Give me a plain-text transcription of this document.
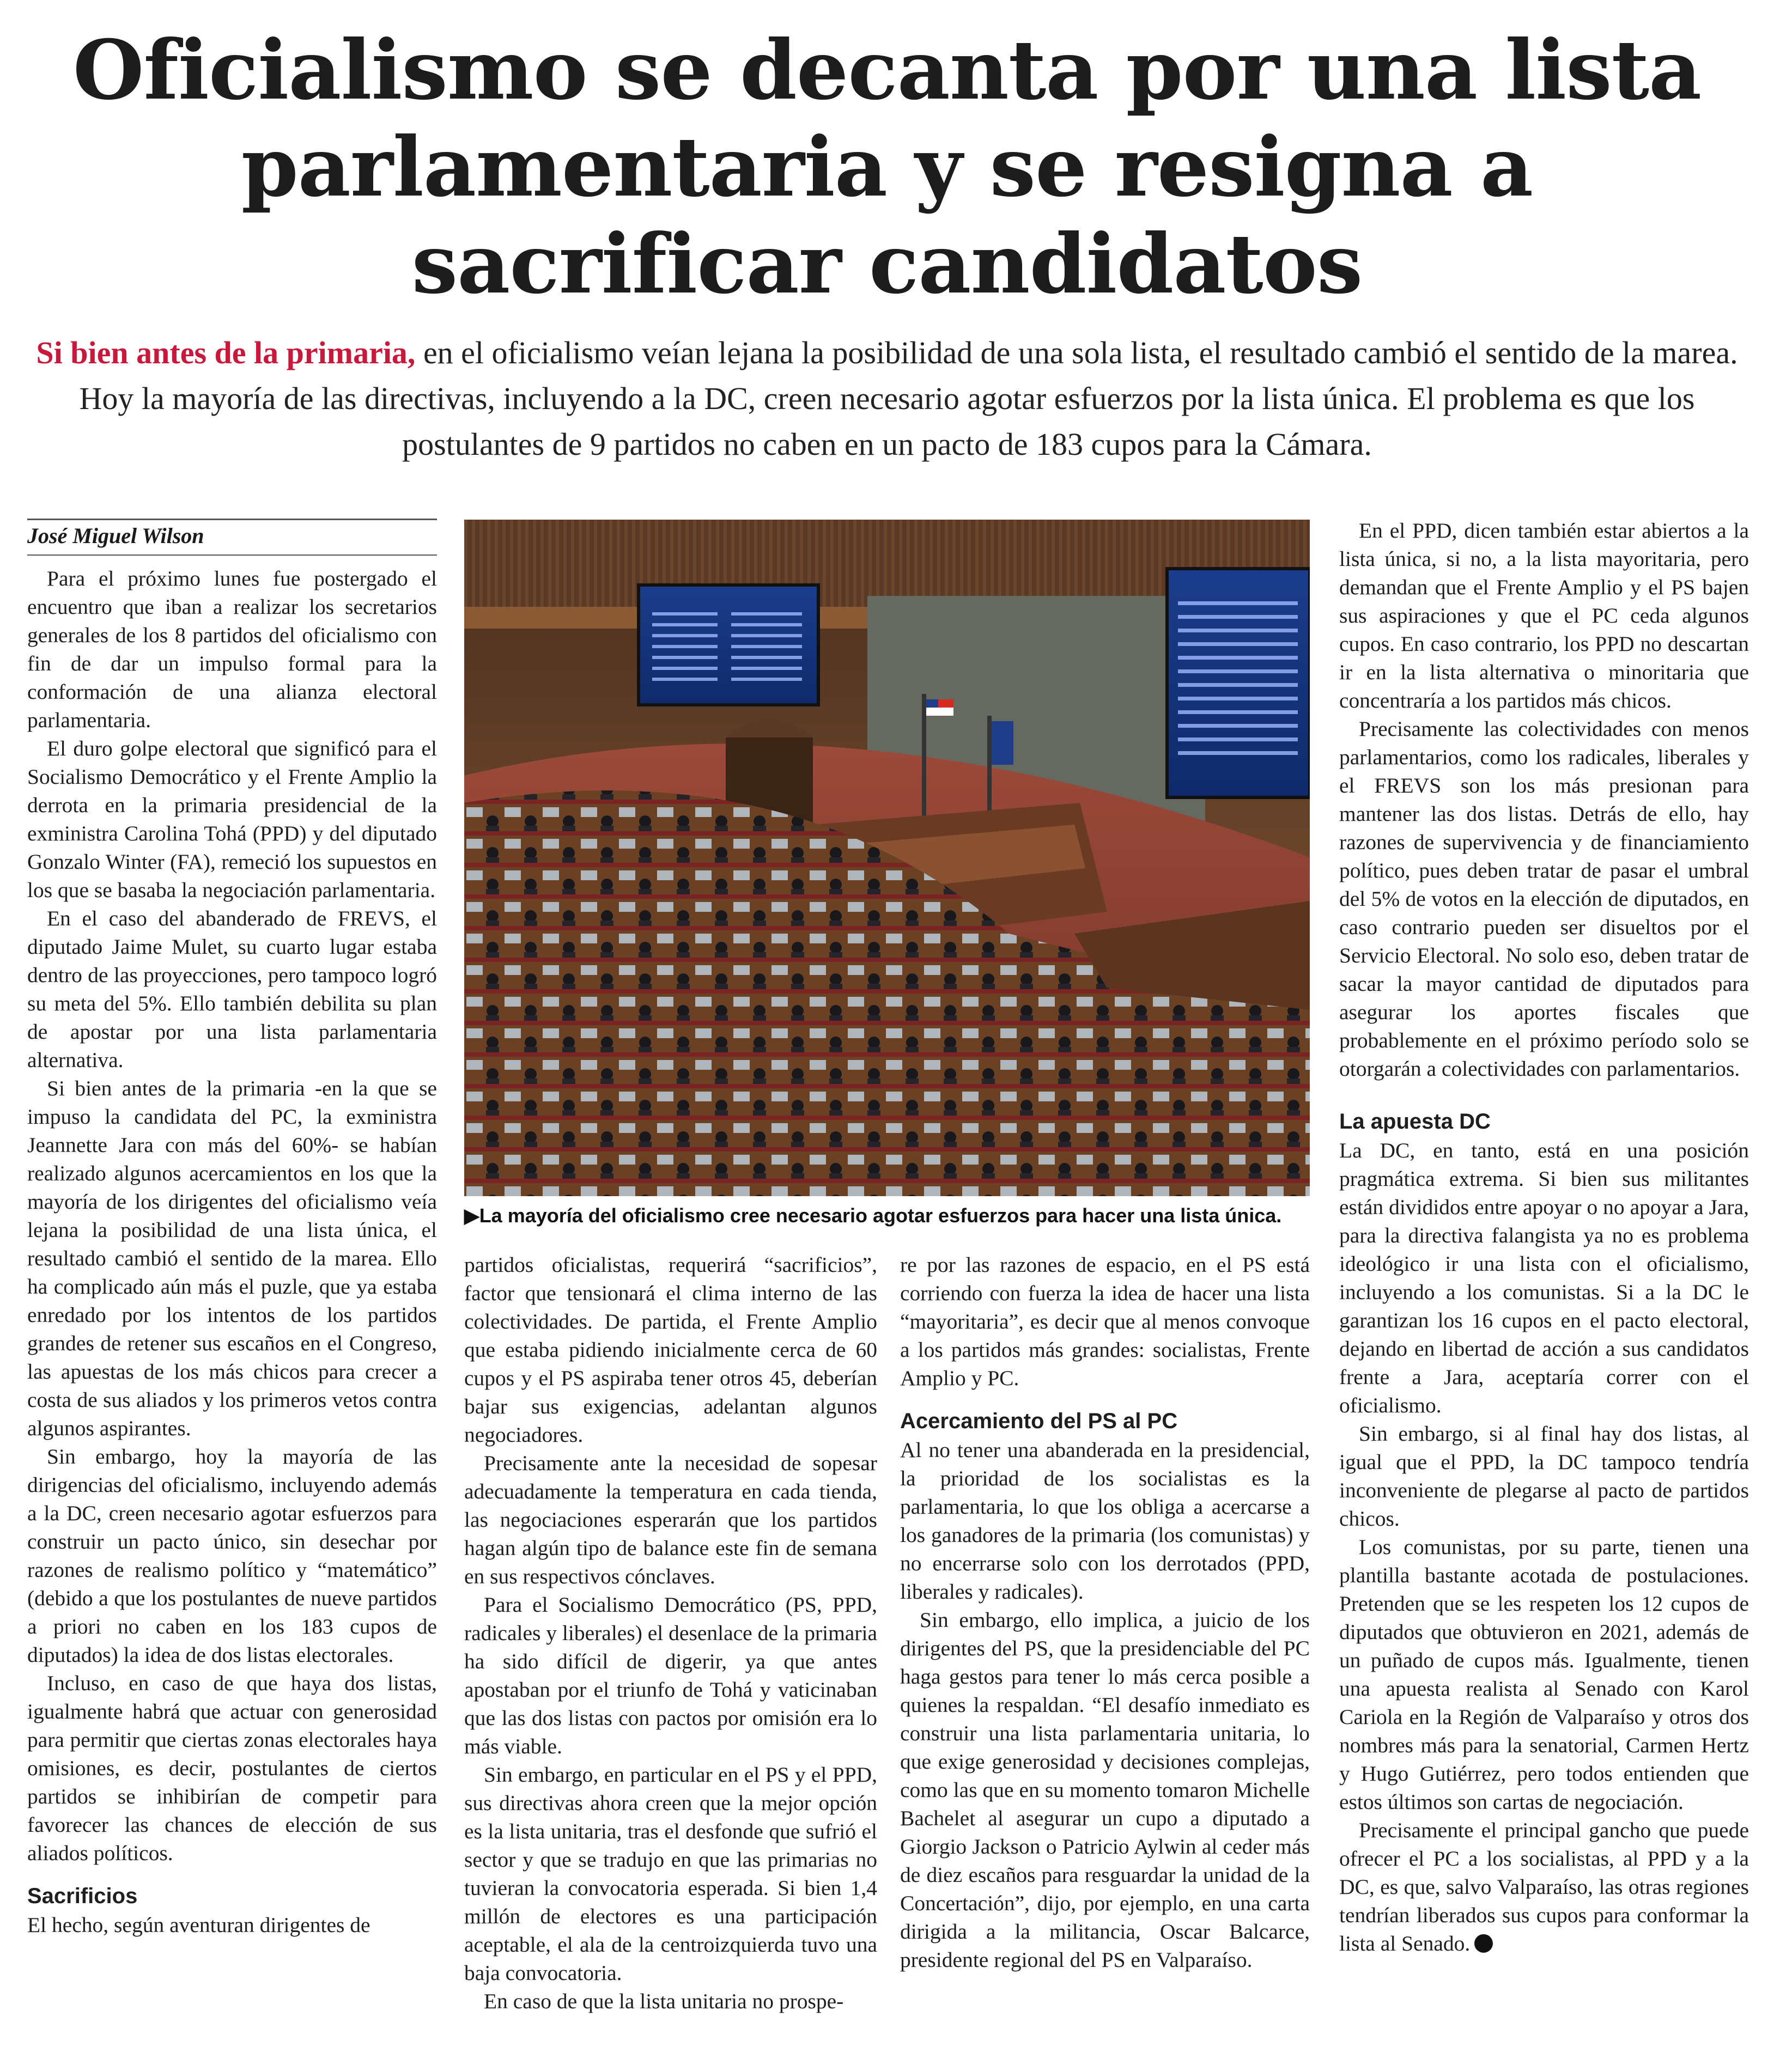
Oficialismo se decanta por una lista parlamentaria y se resigna a sacrificar candidatos

Si bien antes de la primaria, en el oficialismo veían lejana la posibilidad de una sola lista, el resultado cambió el sentido de la marea. Hoy la mayoría de las directivas, incluyendo a la DC, creen necesario agotar esfuerzos por la lista única. El problema es que los postulantes de 9 partidos no caben en un pacto de 183 cupos para la Cámara.

José Miguel Wilson

Para el próximo lunes fue postergado el encuentro que iban a realizar los secretarios generales de los 8 partidos del oficialismo con fin de dar un impulso formal para la conformación de una alianza electoral parlamentaria.

El duro golpe electoral que significó para el Socialismo Democrático y el Frente Amplio la derrota en la primaria presidencial de la exministra Carolina Tohá (PPD) y del diputado Gonzalo Winter (FA), remeció los supuestos en los que se basaba la negociación parlamentaria.

En el caso del abanderado de FREVS, el diputado Jaime Mulet, su cuarto lugar estaba dentro de las proyecciones, pero tampoco logró su meta del 5%. Ello también debilita su plan de apostar por una lista parlamentaria alternativa.

Si bien antes de la primaria -en la que se impuso la candidata del PC, la exministra Jeannette Jara con más del 60%- se habían realizado algunos acercamientos en los que la mayoría de los dirigentes del oficialismo veía lejana la posibilidad de una lista única, el resultado cambió el sentido de la marea. Ello ha complicado aún más el puzle, que ya estaba enredado por los intentos de los partidos grandes de retener sus escaños en el Congreso, las apuestas de los más chicos para crecer a costa de sus aliados y los primeros vetos contra algunos aspirantes.

Sin embargo, hoy la mayoría de las dirigencias del oficialismo, incluyendo además a la DC, creen necesario agotar esfuerzos para construir un pacto único, sin desechar por razones de realismo político y “matemático” (debido a que los postulantes de nueve partidos a priori no caben en los 183 cupos de diputados) la idea de dos listas electorales.

Incluso, en caso de que haya dos listas, igualmente habrá que actuar con generosidad para permitir que ciertas zonas electorales haya omisiones, es decir, postulantes de ciertos partidos se inhibirían de competir para favorecer las chances de elección de sus aliados políticos.

Sacrificios

El hecho, según aventuran dirigentes de

▶La mayoría del oficialismo cree necesario agotar esfuerzos para hacer una lista única.

partidos oficialistas, requerirá “sacrificios”, factor que tensionará el clima interno de las colectividades. De partida, el Frente Amplio que estaba pidiendo inicialmente cerca de 60 cupos y el PS aspiraba tener otros 45, deberían bajar sus exigencias, adelantan algunos negociadores.

Precisamente ante la necesidad de sopesar adecuadamente la temperatura en cada tienda, las negociaciones esperarán que los partidos hagan algún tipo de balance este fin de semana en sus respectivos cónclaves.

Para el Socialismo Democrático (PS, PPD, radicales y liberales) el desenlace de la primaria ha sido difícil de digerir, ya que antes apostaban por el triunfo de Tohá y vaticinaban que las dos listas con pactos por omisión era lo más viable.

Sin embargo, en particular en el PS y el PPD, sus directivas ahora creen que la mejor opción es la lista unitaria, tras el desfonde que sufrió el sector y que se tradujo en que las primarias no tuvieran la convocatoria esperada. Si bien 1,4 millón de electores es una participación aceptable, el ala de la centroizquierda tuvo una baja convocatoria.

En caso de que la lista unitaria no prospe-

re por las razones de espacio, en el PS está corriendo con fuerza la idea de hacer una lista “mayoritaria”, es decir que al menos convoque a los partidos más grandes: socialistas, Frente Amplio y PC.

Acercamiento del PS al PC

Al no tener una abanderada en la presidencial, la prioridad de los socialistas es la parlamentaria, lo que los obliga a acercarse a los ganadores de la primaria (los comunistas) y no encerrarse solo con los derrotados (PPD, liberales y radicales).

Sin embargo, ello implica, a juicio de los dirigentes del PS, que la presidenciable del PC haga gestos para tener lo más cerca posible a quienes la respaldan. “El desafío inmediato es construir una lista parlamentaria unitaria, lo que exige generosidad y decisiones complejas, como las que en su momento tomaron Michelle Bachelet al asegurar un cupo a diputado a Giorgio Jackson o Patricio Aylwin al ceder más de diez escaños para resguardar la unidad de la Concertación”, dijo, por ejemplo, en una carta dirigida a la militancia, Oscar Balcarce, presidente regional del PS en Valparaíso.

En el PPD, dicen también estar abiertos a la lista única, si no, a la lista mayoritaria, pero demandan que el Frente Amplio y el PS bajen sus aspiraciones y que el PC ceda algunos cupos. En caso contrario, los PPD no descartan ir en la lista alternativa o minoritaria que concentraría a los partidos más chicos.

Precisamente las colectividades con menos parlamentarios, como los radicales, liberales y el FREVS son los más presionan para mantener las dos listas. Detrás de ello, hay razones de supervivencia y de financiamiento político, pues deben tratar de pasar el umbral del 5% de votos en la elección de diputados, en caso contrario pueden ser disueltos por el Servicio Electoral. No solo eso, deben tratar de sacar la mayor cantidad de diputados para asegurar los aportes fiscales que probablemente en el próximo período solo se otorgarán a colectividades con parlamentarios.

La apuesta DC

La DC, en tanto, está en una posición pragmática extrema. Si bien sus militantes están divididos entre apoyar o no apoyar a Jara, para la directiva falangista ya no es problema ideológico ir una lista con el oficialismo, incluyendo a los comunistas. Si a la DC le garantizan los 16 cupos en el pacto electoral, dejando en libertad de acción a sus candidatos frente a Jara, aceptaría correr con el oficialismo.

Sin embargo, si al final hay dos listas, al igual que el PPD, la DC tampoco tendría inconveniente de plegarse al pacto de partidos chicos.

Los comunistas, por su parte, tienen una plantilla bastante acotada de postulaciones. Pretenden que se les respeten los 12 cupos de diputados que obtuvieron en 2021, además de un puñado de cupos más. Igualmente, tienen una apuesta realista al Senado con Karol Cariola en la Región de Valparaíso y otros dos nombres más para la senatorial, Carmen Hertz y Hugo Gutiérrez, pero todos entienden que estos últimos son cartas de negociación.

Precisamente el principal gancho que puede ofrecer el PC a los socialistas, al PPD y a la DC, es que, salvo Valparaíso, las otras regiones tendrían liberados sus cupos para conformar la lista al Senado.
